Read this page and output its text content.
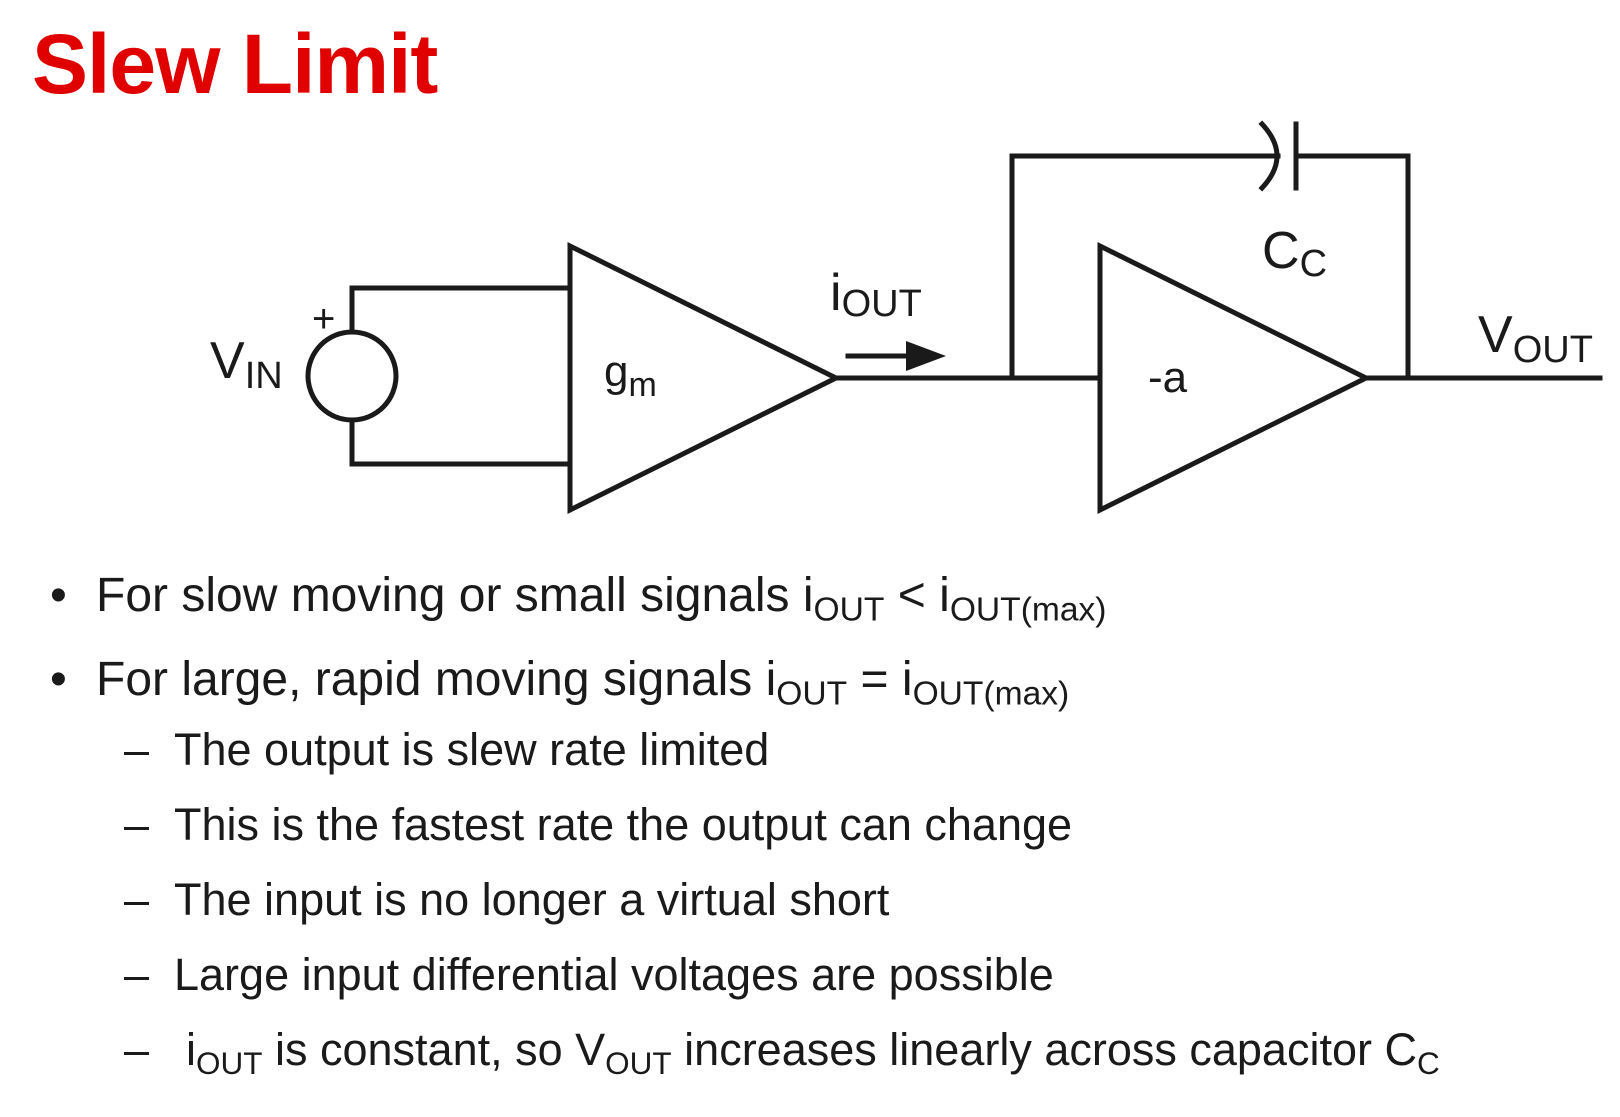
Slew Limit
+
VIN	gm
iOUT
-a
CC
VOUT
• For slow moving or small signals $i_{OUT} < i_{OUT(max)}$
• For large, rapid moving signals $i_{OUT} = i_{OUT(max)}$
– The output is slew rate limited
– This is the fastest rate the output can change
– The input is no longer a virtual short
– Large input differential voltages are possible
– $i_{OUT}$ is constant, so $V_{OUT}$ increases linearly across capacitor $C_C$
